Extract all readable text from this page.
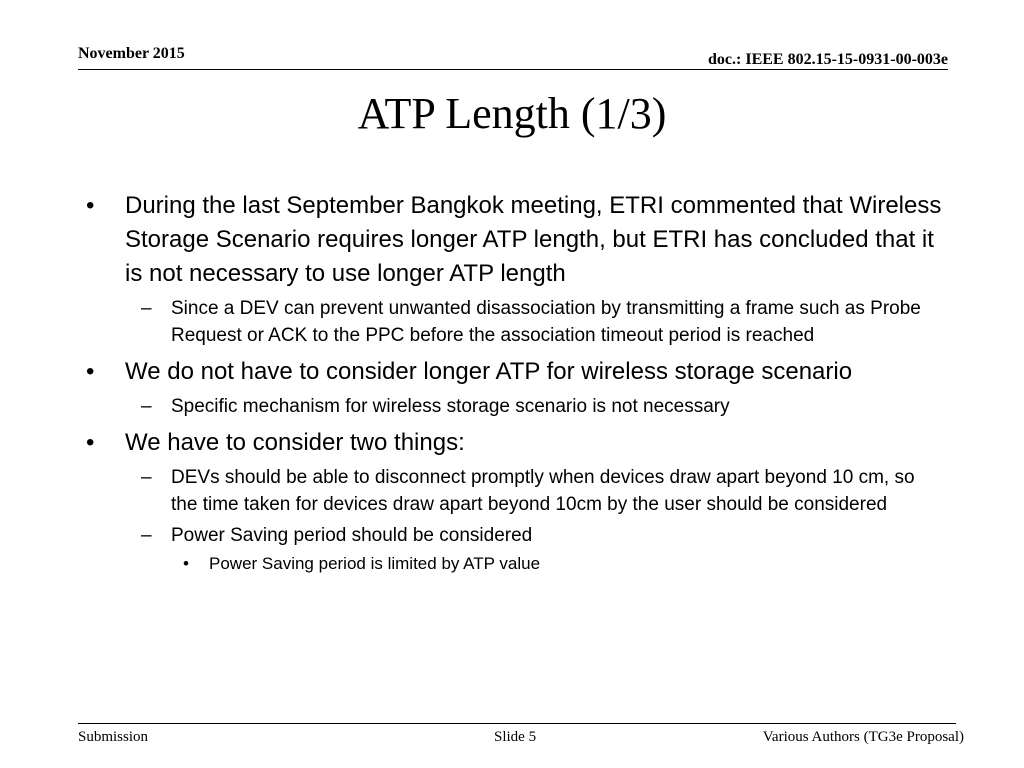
November 2015	doc.: IEEE 802.15-15-0931-00-003e
ATP Length (1/3)
• During the last September Bangkok meeting, ETRI commented that Wireless Storage Scenario requires longer ATP length, but ETRI has concluded that it is not necessary to use longer ATP length
– Since a DEV can prevent unwanted disassociation by transmitting a frame such as Probe Request or ACK to the PPC before the association timeout period is reached
• We do not have to consider longer ATP for wireless storage scenario
– Specific mechanism for wireless storage scenario is not necessary
• We have to consider two things:
– DEVs should be able to disconnect promptly when devices draw apart beyond 10 cm, so the time taken for devices draw apart beyond 10cm by the user should be considered
– Power Saving period should be considered
• Power Saving period is limited by ATP value
Submission	Slide 5	Various Authors (TG3e Proposal)
